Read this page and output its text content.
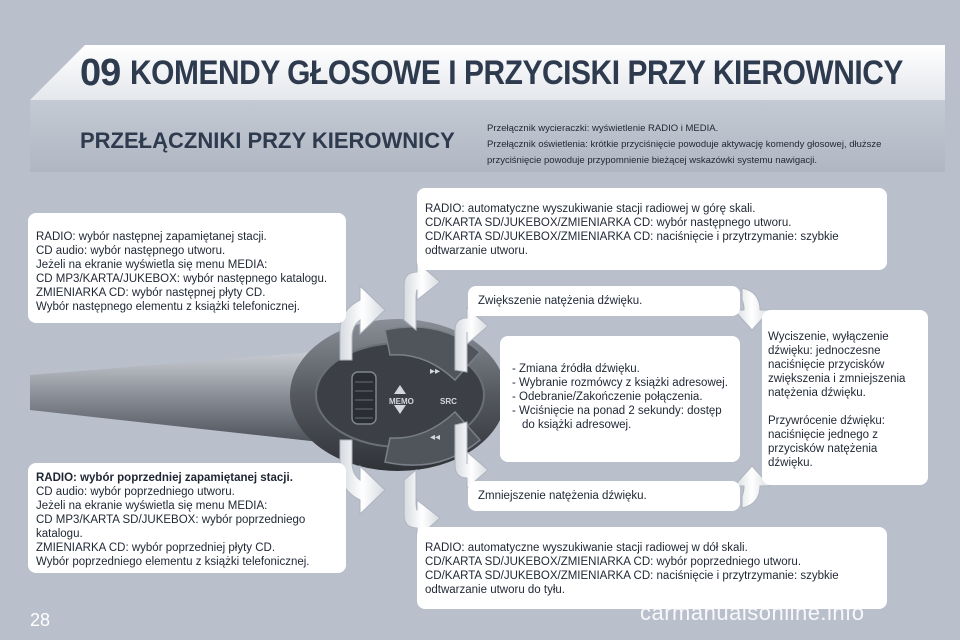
09 KOMENDY GŁOSOWE I PRZYCISKI PRZY KIEROWNICY
PRZEŁĄCZNIKI PRZY KIEROWNICY	Przełącznik wycieraczki: wyświetlenie RADIO i MEDIA.

Przełącznik oświetlenia: krótkie przyciśnięcie powoduje aktywację komendy głosowej, dłuższe przyciśnięcie powoduje przypomnienie bieżącej wskazówki systemu nawigacji.

MEMO	SRC
▸▸
◂◂

RADIO: wybór następnej zapamiętanej stacji.

CD audio: wybór następnego utworu.

Jeżeli na ekranie wyświetla się menu MEDIA:

CD MP3/KARTA/JUKEBOX: wybór następnego katalogu.

ZMIENIARKA CD: wybór następnej płyty CD.

Wybór następnego elementu z książki telefonicznej.

RADIO: wybór poprzedniej zapamiętanej stacji.

CD audio: wybór poprzedniego utworu.

Jeżeli na ekranie wyświetla się menu MEDIA:

CD MP3/KARTA SD/JUKEBOX: wybór poprzedniego katalogu.

ZMIENIARKA CD: wybór poprzedniej płyty CD.

Wybór poprzedniego elementu z książki telefonicznej.

RADIO: automatyczne wyszukiwanie stacji radiowej w górę skali.

CD/KARTA SD/JUKEBOX/ZMIENIARKA CD: wybór następnego utworu.

CD/KARTA SD/JUKEBOX/ZMIENIARKA CD: naciśnięcie i przytrzymanie: szybkie odtwarzanie utworu.

RADIO: automatyczne wyszukiwanie stacji radiowej w dół skali.

CD/KARTA SD/JUKEBOX/ZMIENIARKA CD: wybór poprzedniego utworu.

CD/KARTA SD/JUKEBOX/ZMIENIARKA CD: naciśnięcie i przytrzymanie: szybkie odtwarzanie utworu do tyłu.

Zwiększenie natężenia dźwięku.
Zmniejszenie natężenia dźwięku.
- Zmiana źródła dźwięku.
- Wybranie rozmówcy z książki adresowej.
- Odebranie/Zakończenie połączenia.
- Wciśnięcie na ponad 2 sekundy: dostęp do książki adresowej.

Wyciszenie, wyłączenie dźwięku: jednoczesne naciśnięcie przycisków zwiększenia i zmniejszenia natężenia dźwięku.

Przywrócenie dźwięku: naciśnięcie jednego z przycisków natężenia dźwięku.

28	carmanualsonline.info
